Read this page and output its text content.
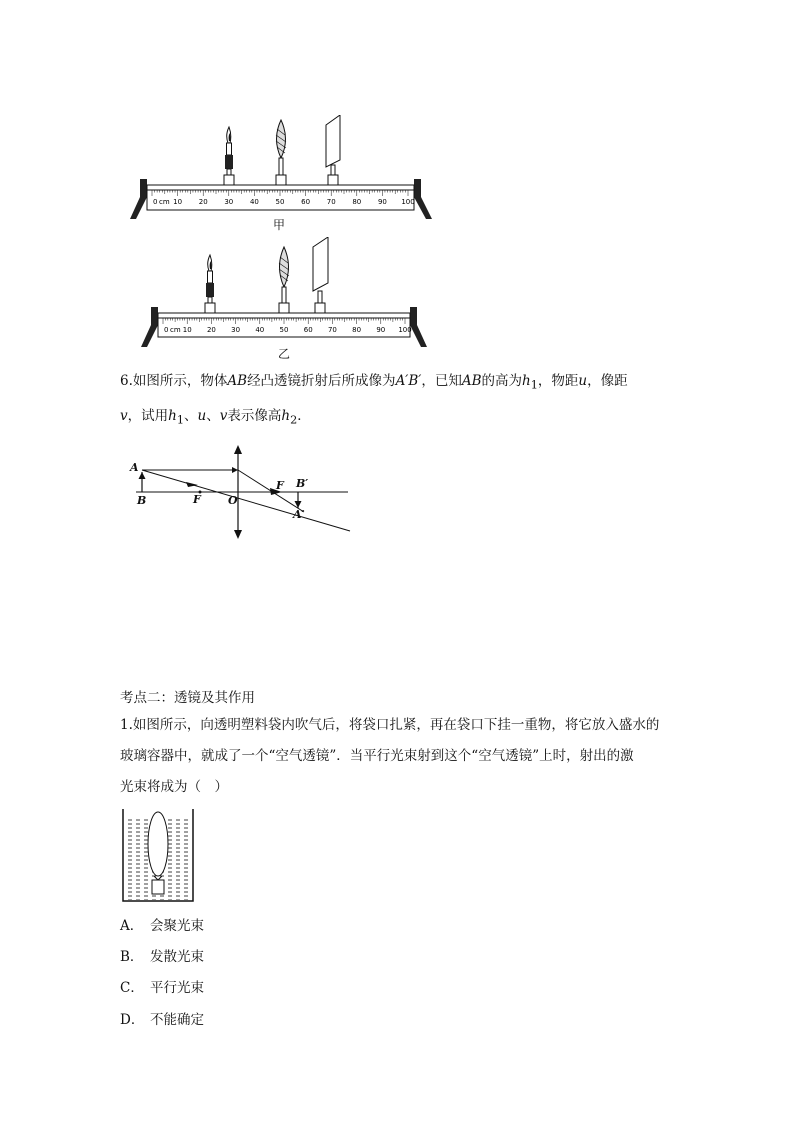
0 10 20 30 40 50 60 70 80 90 100
cm
甲
0 10 20 30 40 50 60 70 80 90 100
cm
乙

6.如图所示，物体AB经凸透镜折射后所成像为A′B′，已知AB的高为$h_1$，物距u，像距

v，试用$h_1$、u、v表示像高$h_2$．

A
B	F O
F B′
A′
考点二：透镜及其作用

1.如图所示，向透明塑料袋内吹气后，将袋口扎紧，再在袋口下挂一重物，将它放入盛水的

玻璃容器中，就成了一个“空气透镜”．当平行光束射到这个“空气透镜”上时，射出的激

光束将成为（　）

A． 会聚光束
B． 发散光束
C． 平行光束
D． 不能确定
